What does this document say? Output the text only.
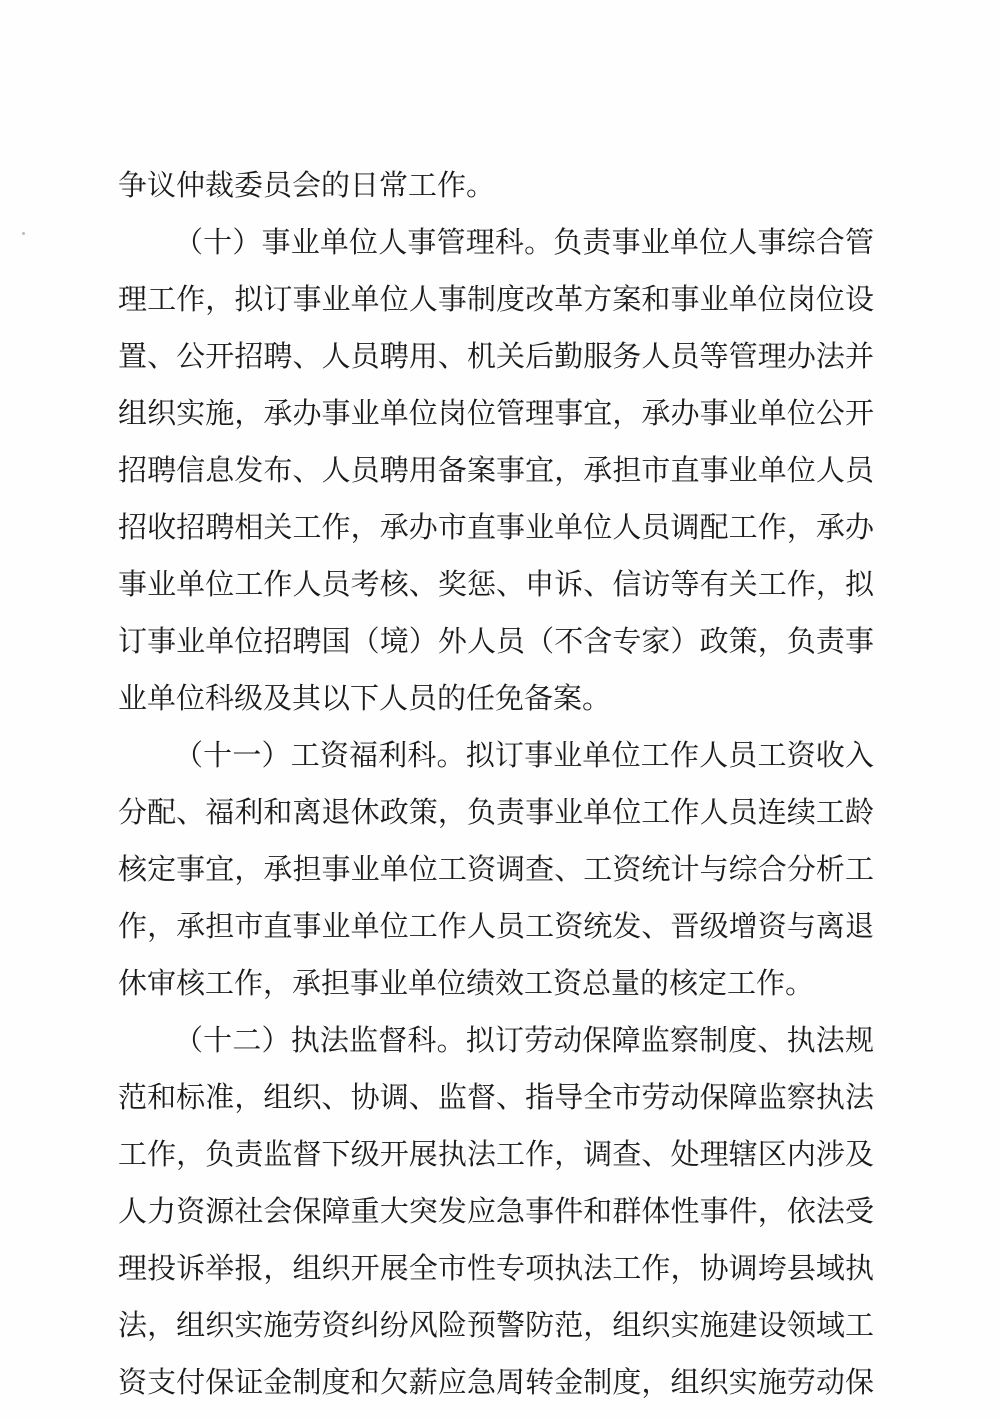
争议仲裁委员会的日常工作。
（十）事业单位人事管理科。负责事业单位人事综合管
理工作，拟订事业单位人事制度改革方案和事业单位岗位设
置、公开招聘、人员聘用、机关后勤服务人员等管理办法并
组织实施，承办事业单位岗位管理事宜，承办事业单位公开
招聘信息发布、人员聘用备案事宜，承担市直事业单位人员
招收招聘相关工作，承办市直事业单位人员调配工作，承办
事业单位工作人员考核、奖惩、申诉、信访等有关工作，拟
订事业单位招聘国（境）外人员（不含专家）政策，负责事
业单位科级及其以下人员的任免备案。
（十一）工资福利科。拟订事业单位工作人员工资收入
分配、福利和离退休政策，负责事业单位工作人员连续工龄
核定事宜，承担事业单位工资调查、工资统计与综合分析工
作，承担市直事业单位工作人员工资统发、晋级增资与离退
休审核工作，承担事业单位绩效工资总量的核定工作。
（十二）执法监督科。拟订劳动保障监察制度、执法规
范和标准，组织、协调、监督、指导全市劳动保障监察执法
工作，负责监督下级开展执法工作，调查、处理辖区内涉及
人力资源社会保障重大突发应急事件和群体性事件，依法受
理投诉举报，组织开展全市性专项执法工作，协调垮县域执
法，组织实施劳资纠纷风险预警防范，组织实施建设领域工
资支付保证金制度和欠薪应急周转金制度，组织实施劳动保
